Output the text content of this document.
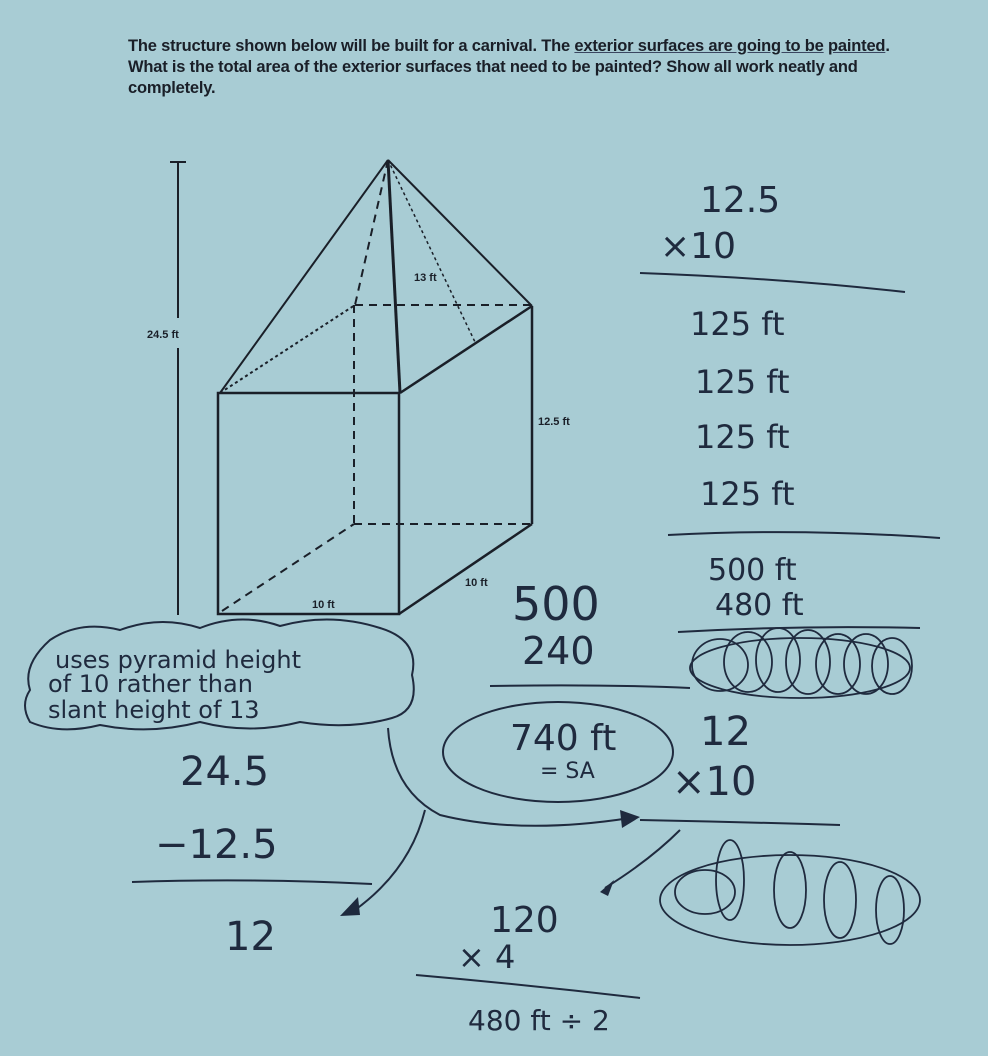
The structure shown below will be built for a carnival. The exterior surfaces are going to be painted. What is the total area of the exterior surfaces that need to be painted? Show all work neatly and completely.
24.5 ft
13 ft
12.5 ft
10 ft
10 ft
12.5
×10
125 ft
125 ft
125 ft
125 ft
500 ft
480 ft
500
240
740 ft
= SA
uses pyramid height
of 10 rather than
slant height of 13
24.5
−12.5
12
12
×10
120
× 4
480 ft ÷ 2
